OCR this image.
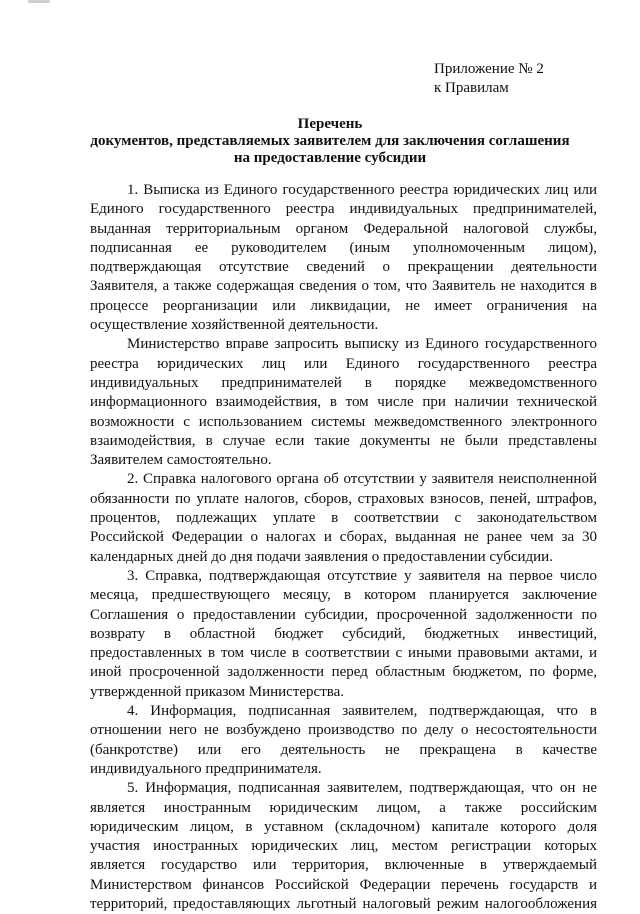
Приложение № 2
к Правилам
Перечень
документов, представляемых заявителем для заключения соглашения
на предоставление субсидии
1. Выписка из Единого государственного реестра юридических лиц или
Единого государственного реестра индивидуальных предпринимателей,
выданная территориальным органом Федеральной налоговой службы,
подписанная ее руководителем (иным уполномоченным лицом),
подтверждающая отсутствие сведений о прекращении деятельности
Заявителя, а также содержащая сведения о том, что Заявитель не находится в
процессе реорганизации или ликвидации, не имеет ограничения на
осуществление хозяйственной деятельности.
Министерство вправе запросить выписку из Единого государственного
реестра юридических лиц или Единого государственного реестра
индивидуальных предпринимателей в порядке межведомственного
информационного взаимодействия, в том числе при наличии технической
возможности с использованием системы межведомственного электронного
взаимодействия, в случае если такие документы не были представлены
Заявителем самостоятельно.
2. Справка налогового органа об отсутствии у заявителя неисполненной
обязанности по уплате налогов, сборов, страховых взносов, пеней, штрафов,
процентов, подлежащих уплате в соответствии с законодательством
Российской Федерации о налогах и сборах, выданная не ранее чем за 30
календарных дней до дня подачи заявления о предоставлении субсидии.
3. Справка, подтверждающая отсутствие у заявителя на первое число
месяца, предшествующего месяцу, в котором планируется заключение
Соглашения о предоставлении субсидии, просроченной задолженности по
возврату в областной бюджет субсидий, бюджетных инвестиций,
предоставленных в том числе в соответствии с иными правовыми актами, и
иной просроченной задолженности перед областным бюджетом, по форме,
утвержденной приказом Министерства.
4. Информация, подписанная заявителем, подтверждающая, что в
отношении него не возбуждено производство по делу о несостоятельности
(банкротстве) или его деятельность не прекращена в качестве
индивидуального предпринимателя.
5. Информация, подписанная заявителем, подтверждающая, что он не
является иностранным юридическим лицом, а также российским
юридическим лицом, в уставном (складочном) капитале которого доля
участия иностранных юридических лиц, местом регистрации которых
является государство или территория, включенные в утверждаемый
Министерством финансов Российской Федерации перечень государств и
территорий, предоставляющих льготный налоговый режим налогообложения
